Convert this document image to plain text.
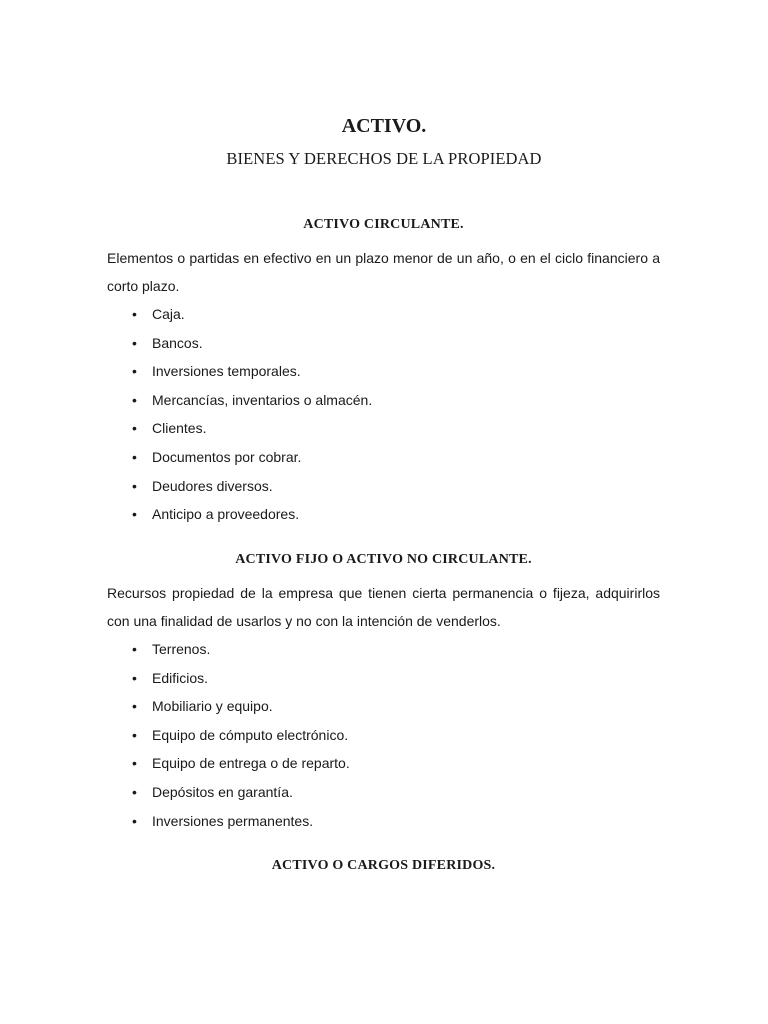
ACTIVO.
BIENES Y DERECHOS DE LA PROPIEDAD
ACTIVO CIRCULANTE.

Elementos o partidas en efectivo en un plazo menor de un año, o en el ciclo financiero a corto plazo.

• Caja.
• Bancos.
• Inversiones temporales.
• Mercancías, inventarios o almacén.
• Clientes.
• Documentos por cobrar.
• Deudores diversos.
• Anticipo a proveedores.
ACTIVO FIJO O ACTIVO NO CIRCULANTE.

Recursos propiedad de la empresa que tienen cierta permanencia o fijeza, adquirirlos con una finalidad de usarlos y no con la intención de venderlos.

• Terrenos.
• Edificios.
• Mobiliario y equipo.
• Equipo de cómputo electrónico.
• Equipo de entrega o de reparto.
• Depósitos en garantía.
• Inversiones permanentes.
ACTIVO O CARGOS DIFERIDOS.
